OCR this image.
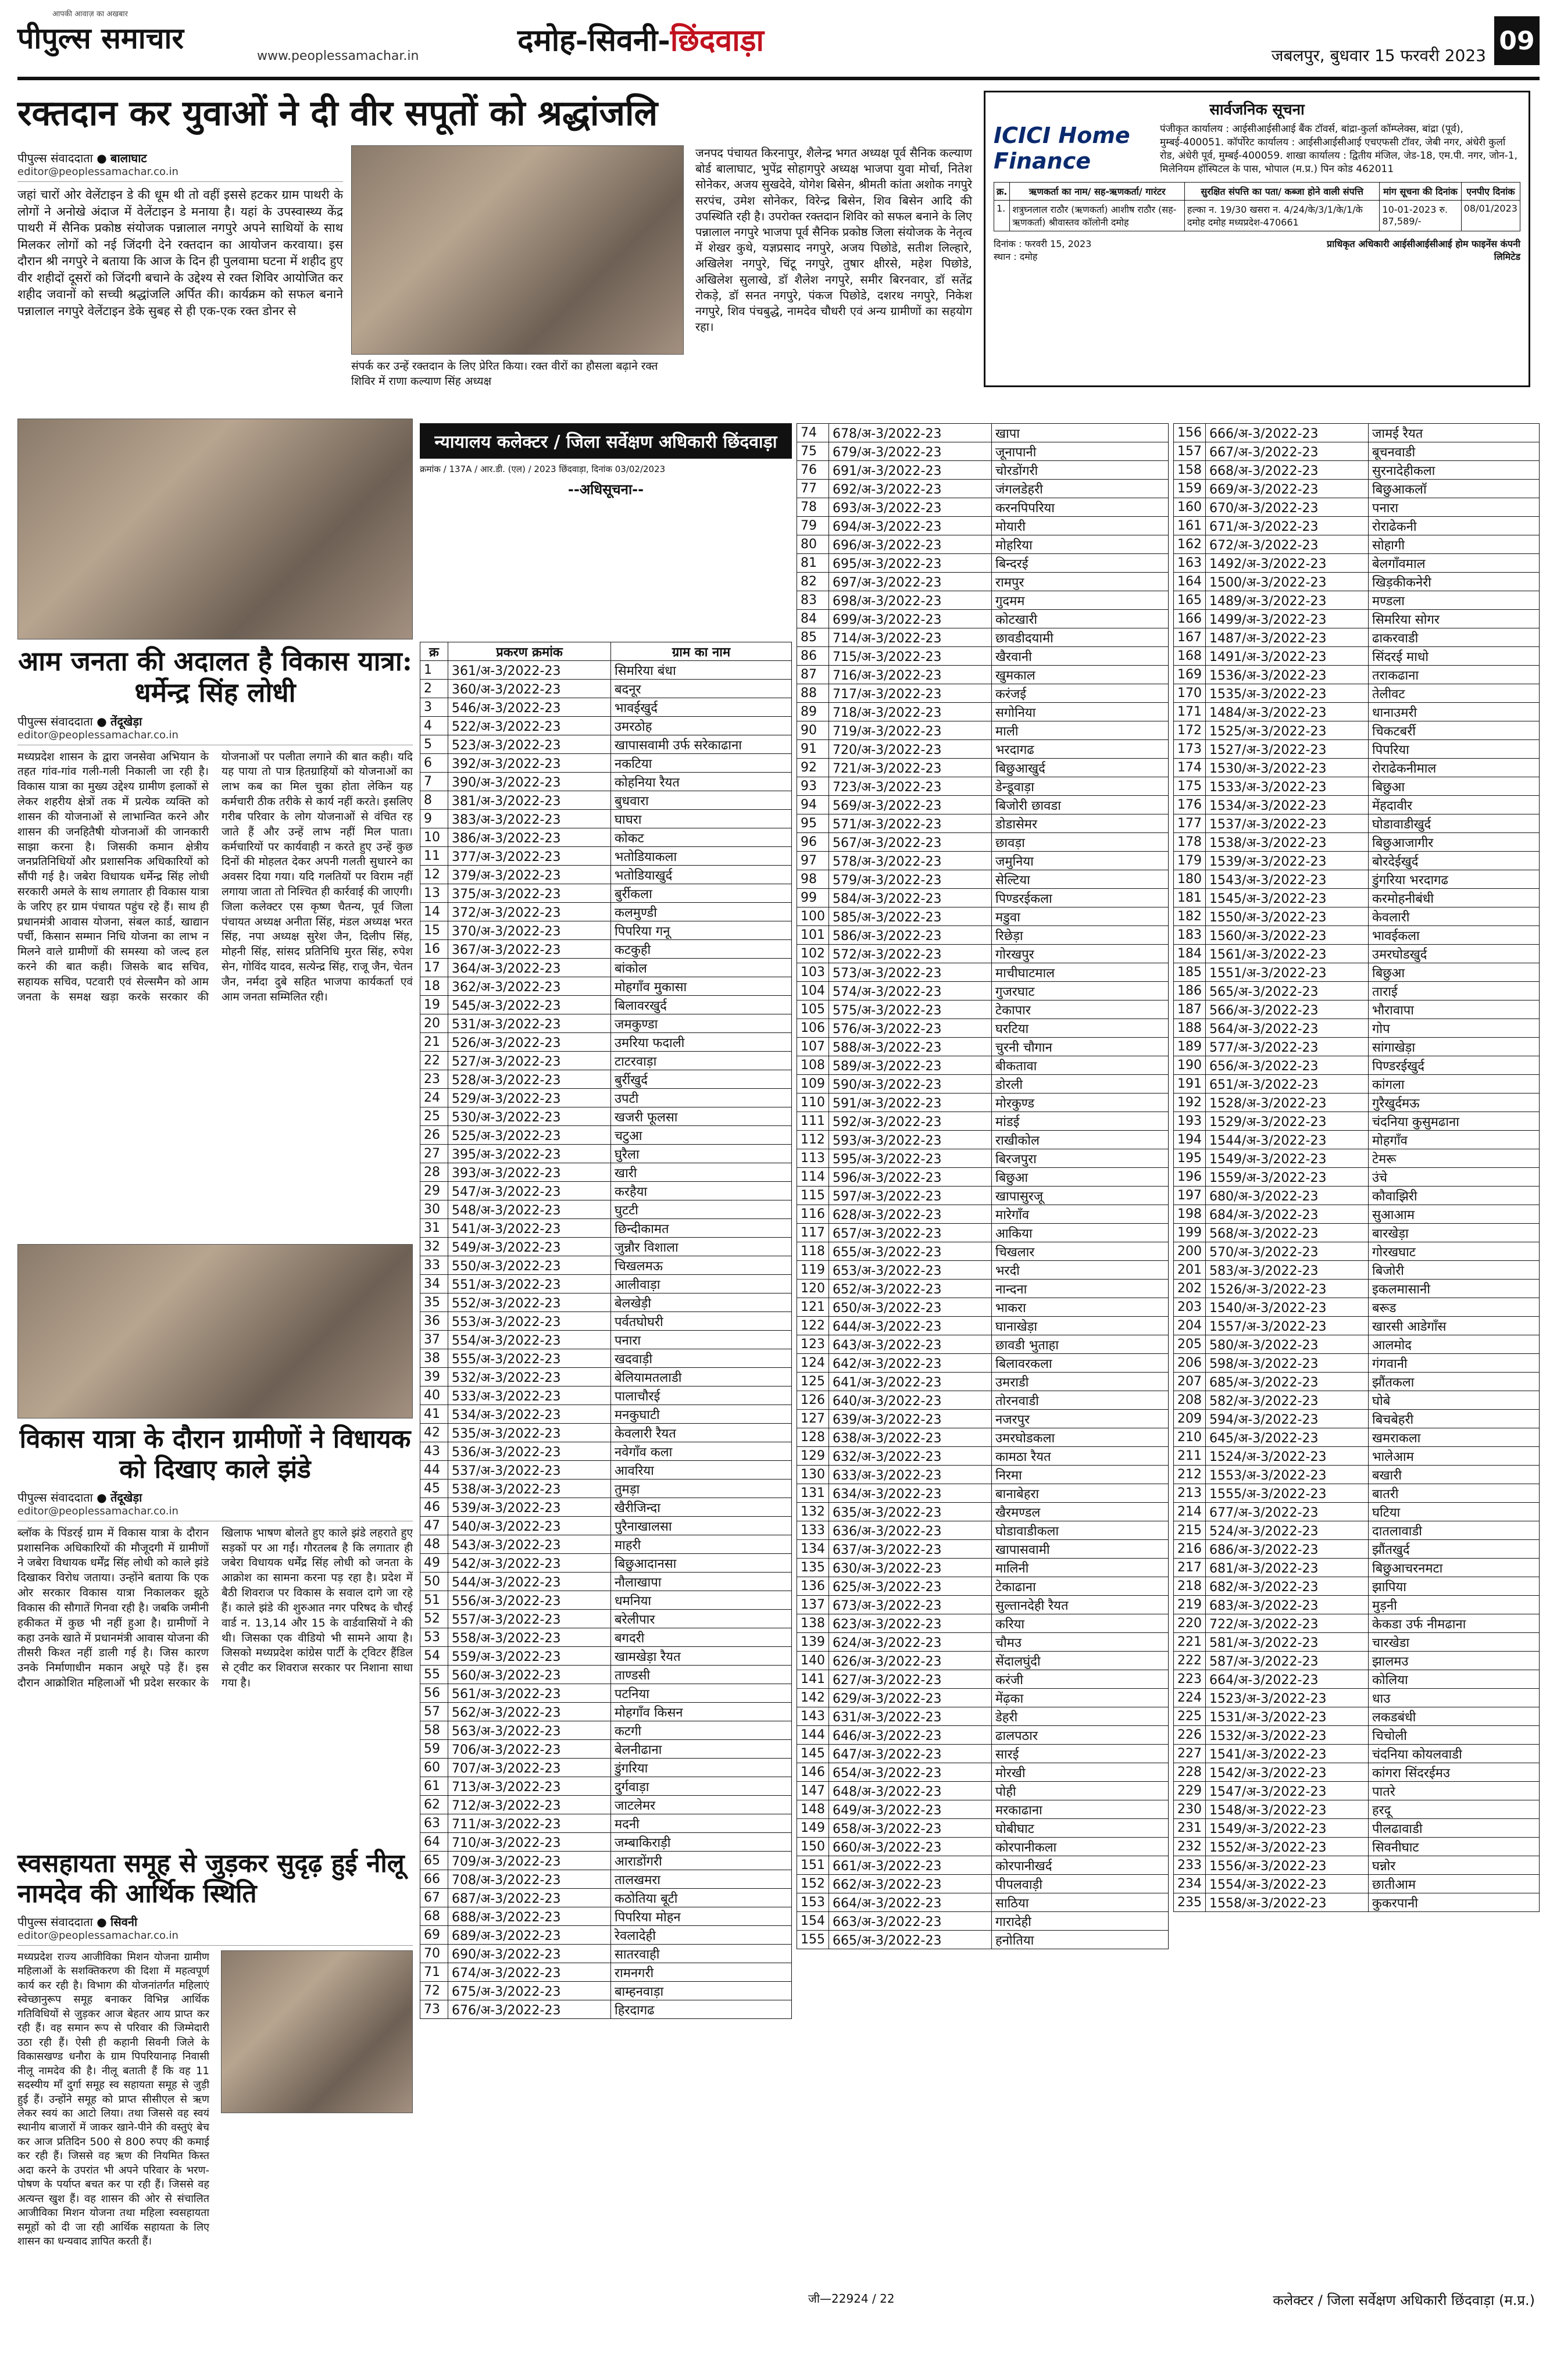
आपकी आवाज़ का अखबार
पीपुल्स समाचार
www.peoplessamachar.in	दमोह-सिवनी-छिंदवाड़ा	जबलपुर, बुधवार 15 फरवरी 2023 09
रक्तदान कर युवाओं ने दी वीर सपूतों को श्रद्धांजलि
पीपुल्स संवाददाता ● बालाघाट
editor@peoplessamachar.co.in
जहां चारों ओर वेलेंटाइन डे की धूम थी तो वहीं इससे हटकर ग्राम पाथरी के लोगों ने अनोखे अंदाज में वेलेंटाइन डे मनाया है। यहां के उपस्वास्थ्य केंद्र पाथरी में सैनिक प्रकोष्ठ संयोजक पन्नालाल नगपुरे अपने साथियों के साथ मिलकर लोगों को नई जिंदगी देने रक्तदान का आयोजन करवाया। इस दौरान श्री नगपुरे ने बताया कि आज के दिन ही पुलवामा घटना में शहीद हुए वीर शहीदों दूसरों को जिंदगी बचाने के उद्देश्य से रक्त शिविर आयोजित कर शहीद जवानों को सच्ची श्रद्धांजलि अर्पित की। कार्यक्रम को सफल बनाने पन्नालाल नगपुरे वेलेंटाइन डेके सुबह से ही एक-एक रक्त डोनर से
संपर्क कर उन्हें रक्तदान के लिए प्रेरित किया। रक्त वीरों का हौसला बढ़ाने रक्त शिविर में राणा कल्याण सिंह अध्यक्ष
जनपद पंचायत किरनापुर, शैलेन्द्र भगत अध्यक्ष पूर्व सैनिक कल्याण बोर्ड बालाघाट, भुपेंद्र सोहागपुरे अध्यक्ष भाजपा युवा मोर्चा, नितेश सोनेकर, अजय सुखदेवे, योगेश बिसेन, श्रीमती कांता अशोक नगपुरे सरपंच, उमेश सोनेकर, विरेन्द्र बिसेन, शिव बिसेन आदि की उपस्थिति रही है। उपरोक्त रक्तदान शिविर को सफल बनाने के लिए पन्नालाल नगपुरे भाजपा पूर्व सैनिक प्रकोष्ठ जिला संयोजक के नेतृत्व में शेखर कुथे, यज्ञप्रसाद नगपुरे, अजय पिछोडे, सतीश लिल्हारे, अखिलेश नगपुरे, चिंटू नगपुरे, तुषार क्षीरसे, महेश पिछोडे, अखिलेश सुलाखे, डॉ शैलेश नगपुरे, समीर बिरनवार, डॉ सतेंद्र रोकड़े, डॉ सनत नगपुरे, पंकज पिछोडे, दशरथ नगपुरे, निकेश नगपुरे, शिव पंचबुद्धे, नामदेव चौधरी एवं अन्य ग्रामीणों का सहयोग रहा।
सार्वजनिक सूचना
ICICI Home Finance
पंजीकृत कार्यालय : आईसीआईसीआई बैंक टॉवर्स, बांद्रा-कुर्ला कॉम्प्लेक्स, बांद्रा (पूर्व), मुम्बई-400051. कॉर्पोरेट कार्यालय : आईसीआईसीआई एचएफसी टॉवर, जेबी नगर, अंधेरी कुर्ला रोड, अंधेरी पूर्व, मुम्बई-400059. शाखा कार्यालय : द्वितीय मंजिल, जेड-18, एम.पी. नगर, जोन-1, मिलेनियम हॉस्पिटल के पास, भोपाल (म.प्र.) पिन कोड 462011
क्र.	ऋणकर्ता का नाम/ सह-ऋणकर्ता/ गारंटर	सुरक्षित संपत्ति का पता/ कब्जा होने वाली संपत्ति	मांग सूचना की दिनांक	एनपीए दिनांक
1.	शत्रुघ्नलाल राठौर (ऋणकर्ता) आशीष राठौर (सह-ऋणकर्ता) श्रीवास्तव कॉलोनी दमोह	हल्का न. 19/30 खसरा न. 4/24/के/3/1/के/1/के दमोह दमोह मध्यप्रदेश-470661	10-01-2023 रु. 87,589/-	08/01/2023
दिनांक : फरवरी 15, 2023
स्थान : दमोह
प्राधिकृत अधिकारी आईसीआईसीआई होम फाइनेंस कंपनी लिमिटेड
आम जनता की अदालत है विकास यात्रा: धर्मेन्द्र सिंह लोधी
पीपुल्स संवाददाता ● तेंदूखेड़ा
editor@peoplessamachar.co.in
मध्यप्रदेश शासन के द्वारा जनसेवा अभियान के तहत गांव-गांव गली-गली निकाली जा रही है। विकास यात्रा का मुख्य उद्देश्य ग्रामीण इलाकों से लेकर शहरीय क्षेत्रों तक में प्रत्येक व्यक्ति को शासन की योजनाओं से लाभान्वित करने और शासन की जनहितैषी योजनाओं की जानकारी साझा करना है। जिसकी कमान क्षेत्रीय जनप्रतिनिधियों और प्रशासनिक अधिकारियों को सौंपी गई है। जबेरा विधायक धर्मेन्द्र सिंह लोधी सरकारी अमले के साथ लगातार ही विकास यात्रा के जरिए हर ग्राम पंचायत पहुंच रहे हैं। साथ ही प्रधानमंत्री आवास योजना, संबल कार्ड, खाद्यान पर्ची, किसान सम्मान निधि योजना का लाभ न मिलने वाले ग्रामीणों की समस्या को जल्द हल करने की बात कही। जिसके बाद सचिव, सहायक सचिव, पटवारी एवं सेल्समैन को आम जनता के समक्ष खड़ा करके सरकार की योजनाओं पर पलीता लगाने की बात कही। यदि यह पाया तो पात्र हितग्राहियों को योजनाओं का लाभ कब का मिल चुका होता लेकिन यह कर्मचारी ठीक तरीके से कार्य नहीं करते। इसलिए गरीब परिवार के लोग योजनाओं से वंचित रह जाते हैं और उन्हें लाभ नहीं मिल पाता। कर्मचारियों पर कार्यवाही न करते हुए उन्हें कुछ दिनों की मोहलत देकर अपनी गलती सुधारने का अवसर दिया गया। यदि गलतियों पर विराम नहीं लगाया जाता तो निश्चित ही कार्रवाई की जाएगी। जिला कलेक्टर एस कृष्ण चैतन्य, पूर्व जिला पंचायत अध्यक्ष अनीता सिंह, मंडल अध्यक्ष भरत सिंह, नपा अध्यक्ष सुरेश जैन, दिलीप सिंह, मोहनी सिंह, सांसद प्रतिनिधि मुरत सिंह, रुपेश सेन, गोविंद यादव, सत्येन्द्र सिंह, राजू जैन, चेतन जैन, नर्मदा दुबे सहित भाजपा कार्यकर्ता एवं आम जनता सम्मिलित रही।
विकास यात्रा के दौरान ग्रामीणों ने विधायक को दिखाए काले झंडे
पीपुल्स संवाददाता ● तेंदूखेड़ा
editor@peoplessamachar.co.in
ब्लॉक के पिंडरई ग्राम में विकास यात्रा के दौरान प्रशासनिक अधिकारियों की मौजूदगी में ग्रामीणों ने जबेरा विधायक धर्मेंद्र सिंह लोधी को काले झंडे दिखाकर विरोध जताया। उन्होंने बताया कि एक ओर सरकार विकास यात्रा निकालकर झूठे विकास की सौगातें गिनवा रही है। जबकि जमीनी हकीकत में कुछ भी नहीं हुआ है। ग्रामीणों ने कहा उनके खाते में प्रधानमंत्री आवास योजना की तीसरी किश्त नहीं डाली गई है। जिस कारण उनके निर्माणाधीन मकान अधूरे पड़े हैं। इस दौरान आक्रोशित महिलाओं भी प्रदेश सरकार के खिलाफ भाषण बोलते हुए काले झंडे लहराते हुए सड़कों पर आ गईं। गौरतलब है कि लगातार ही जबेरा विधायक धर्मेंद्र सिंह लोधी को जनता के आक्रोश का सामना करना पड़ रहा है। प्रदेश में बैठी शिवराज पर विकास के सवाल दागे जा रहे हैं। काले झंडे की शुरुआत नगर परिषद के चौरई वार्ड न. 13,14 और 15 के वार्डवासियों ने की थी। जिसका एक वीडियो भी सामने आया है। जिसको मध्यप्रदेश कांग्रेस पार्टी के ट्विटर हैंडिल से ट्वीट कर शिवराज सरकार पर निशाना साधा गया है।
स्वसहायता समूह से जुड़कर सुदृढ़ हुई नीलू नामदेव की आर्थिक स्थिति
पीपुल्स संवाददाता ● सिवनी
editor@peoplessamachar.co.in
मध्यप्रदेश राज्य आजीविका मिशन योजना ग्रामीण महिलाओं के सशक्तिकरण की दिशा में महत्वपूर्ण कार्य कर रही है। विभाग की योजनांतर्गत महिलाएं स्वेच्छानुरूप समूह बनाकर विभिन्न आर्थिक गतिविधियों से जुड़कर आज बेहतर आय प्राप्त कर रही हैं। वह समान रूप से परिवार की जिम्मेदारी उठा रही हैं। ऐसी ही कहानी सिवनी जिले के विकासखण्ड धनौरा के ग्राम पिपरियानाढ़ निवासी नीलू नामदेव की है। नीलू बताती हैं कि वह 11 सदस्यीय माँ दुर्गा समूह स्व सहायता समूह से जुड़ी हुई हैं। उन्होंने समूह को प्राप्त सीसीएल से ऋण लेकर स्वयं का आटो लिया। तथा जिससे वह स्वयं स्थानीय बाजारों में जाकर खाने-पीने की वस्तुएं बेच कर आज प्रतिदिन 500 से 800 रुपए की कमाई कर रही हैं। जिससे वह ऋण की नियमित किस्त अदा करने के उपरांत भी अपने परिवार के भरण-पोषण के पर्याप्त बचत कर पा रही हैं। जिससे वह अत्यन्त खुश हैं। वह शासन की ओर से संचालित आजीविका मिशन योजना तथा महिला स्वसहायता समूहों को दी जा रही आर्थिक सहायता के लिए शासन का धन्यवाद ज्ञापित करती हैं।
न्यायालय कलेक्टर / जिला सर्वेक्षण अधिकारी छिंदवाड़ा
क्रमांक / 137A / आर.डी. (एल) / 2023 छिंदवाड़ा, दिनांक 03/02/2023
--अधिसूचना--
क्र	प्रकरण क्रमांक	ग्राम का नाम
1	361/अ-3/2022-23	सिमरिया बंधा
2	360/अ-3/2022-23	बदनूर
3	546/अ-3/2022-23	भावईखुर्द
4	522/अ-3/2022-23	उमरठोह
5	523/अ-3/2022-23	खापासवामी उर्फ सरेकाढाना
6	392/अ-3/2022-23	नकटिया
7	390/अ-3/2022-23	कोहनिया रैयत
8	381/अ-3/2022-23	बुधवारा
9	383/अ-3/2022-23	घाघरा
10	386/अ-3/2022-23	कोकट
11	377/अ-3/2022-23	भतोडियाकला
12	379/अ-3/2022-23	भतोडियाखुर्द
13	375/अ-3/2022-23	बुर्रीकला
14	372/अ-3/2022-23	कलमुण्डी
15	370/अ-3/2022-23	पिपरिया गनू
16	367/अ-3/2022-23	कटकुही
17	364/अ-3/2022-23	बांकोल
18	362/अ-3/2022-23	मोहगाँव मुकासा
19	545/अ-3/2022-23	बिलावरखुर्द
20	531/अ-3/2022-23	जमकुण्डा
21	526/अ-3/2022-23	उमरिया फदाली
22	527/अ-3/2022-23	टाटरवाड़ा
23	528/अ-3/2022-23	बुर्रीखुर्द
24	529/अ-3/2022-23	उपटी
25	530/अ-3/2022-23	खजरी फूलसा
26	525/अ-3/2022-23	चटुआ
27	395/अ-3/2022-23	घुरैला
28	393/अ-3/2022-23	खारी
29	547/अ-3/2022-23	करहैया
30	548/अ-3/2022-23	घुटटी
31	541/अ-3/2022-23	छिन्दीकामत
32	549/अ-3/2022-23	जुन्नौर विशाला
33	550/अ-3/2022-23	चिखलमऊ
34	551/अ-3/2022-23	आलीवाड़ा
35	552/अ-3/2022-23	बेलखेड़ी
36	553/अ-3/2022-23	पर्वतघोघरी
37	554/अ-3/2022-23	पनारा
38	555/अ-3/2022-23	खदवाड़ी
39	532/अ-3/2022-23	बेलियामतलाडी
40	533/अ-3/2022-23	पालाचौरई
41	534/अ-3/2022-23	मनकुघाटी
42	535/अ-3/2022-23	केवलारी रैयत
43	536/अ-3/2022-23	नवेगाँव कला
44	537/अ-3/2022-23	आवरिया
45	538/अ-3/2022-23	तुमड़ा
46	539/अ-3/2022-23	खैरीजिन्दा
47	540/अ-3/2022-23	पुरैनाखालसा
48	543/अ-3/2022-23	माहरी
49	542/अ-3/2022-23	बिछुआदानसा
50	544/अ-3/2022-23	नौलाखापा
51	556/अ-3/2022-23	धमनिया
52	557/अ-3/2022-23	बरेलीपार
53	558/अ-3/2022-23	बगदरी
54	559/अ-3/2022-23	खामखेड़ा रैयत
55	560/अ-3/2022-23	ताण्डसी
56	561/अ-3/2022-23	पटनिया
57	562/अ-3/2022-23	मोहगाँव किसन
58	563/अ-3/2022-23	कटगी
59	706/अ-3/2022-23	बेलनीढाना
60	707/अ-3/2022-23	डुंगरिया
61	713/अ-3/2022-23	दुर्गवाड़ा
62	712/अ-3/2022-23	जाटलेमर
63	711/अ-3/2022-23	मदनी
64	710/अ-3/2022-23	जम्बाकिराड़ी
65	709/अ-3/2022-23	आराडोंगरी
66	708/अ-3/2022-23	तालखमरा
67	687/अ-3/2022-23	कठोतिया बूटी
68	688/अ-3/2022-23	पिपरिया मोहन
69	689/अ-3/2022-23	रेवलादेही
70	690/अ-3/2022-23	सातरवाही
71	674/अ-3/2022-23	रामनगरी
72	675/अ-3/2022-23	बाम्हनवाड़ा
73	676/अ-3/2022-23	हिरदागढ
74	678/अ-3/2022-23	खापा
75	679/अ-3/2022-23	जूनापानी
76	691/अ-3/2022-23	चोरडोंगरी
77	692/अ-3/2022-23	जंगलडेहरी
78	693/अ-3/2022-23	करनपिपरिया
79	694/अ-3/2022-23	मोयारी
80	696/अ-3/2022-23	मोहरिया
81	695/अ-3/2022-23	बिन्दरई
82	697/अ-3/2022-23	रामपुर
83	698/अ-3/2022-23	गुदमम
84	699/अ-3/2022-23	कोटखारी
85	714/अ-3/2022-23	छावडीदयामी
86	715/अ-3/2022-23	खैरवानी
87	716/अ-3/2022-23	खुमकाल
88	717/अ-3/2022-23	करंजई
89	718/अ-3/2022-23	सगोनिया
90	719/अ-3/2022-23	माली
91	720/अ-3/2022-23	भरदागढ
92	721/अ-3/2022-23	बिछुआखुर्द
93	723/अ-3/2022-23	डेन्डूवाड़ा
94	569/अ-3/2022-23	बिजोरी छावडा
95	571/अ-3/2022-23	डोडासेमर
96	567/अ-3/2022-23	छावड़ा
97	578/अ-3/2022-23	जमुनिया
98	579/अ-3/2022-23	सेल्टिया
99	584/अ-3/2022-23	पिण्डरईकला
100	585/अ-3/2022-23	मडुवा
101	586/अ-3/2022-23	रिछेड़ा
102	572/अ-3/2022-23	गोरखपुर
103	573/अ-3/2022-23	माचीघाटमाल
104	574/अ-3/2022-23	गुजरघाट
105	575/अ-3/2022-23	टेकापार
106	576/अ-3/2022-23	घरटिया
107	588/अ-3/2022-23	चुरनी चौगान
108	589/अ-3/2022-23	बीकतावा
109	590/अ-3/2022-23	डोरली
110	591/अ-3/2022-23	मोरकुण्ड
111	592/अ-3/2022-23	मांडई
112	593/अ-3/2022-23	राखीकोल
113	595/अ-3/2022-23	बिरजपुरा
114	596/अ-3/2022-23	बिछुआ
115	597/अ-3/2022-23	खापासुरजू
116	628/अ-3/2022-23	मारेगाँव
117	657/अ-3/2022-23	आकिया
118	655/अ-3/2022-23	चिखलार
119	653/अ-3/2022-23	भरदी
120	652/अ-3/2022-23	नान्दना
121	650/अ-3/2022-23	भाकरा
122	644/अ-3/2022-23	घानाखेड़ा
123	643/अ-3/2022-23	छावडी भुताहा
124	642/अ-3/2022-23	बिलावरकला
125	641/अ-3/2022-23	उमराडी
126	640/अ-3/2022-23	तोरनवाडी
127	639/अ-3/2022-23	नजरपुर
128	638/अ-3/2022-23	उमरघोडकला
129	632/अ-3/2022-23	कामठा रैयत
130	633/अ-3/2022-23	निरमा
131	634/अ-3/2022-23	बानाबेहरा
132	635/अ-3/2022-23	खैरमण्डल
133	636/अ-3/2022-23	घोडावाडीकला
134	637/अ-3/2022-23	खापासवामी
135	630/अ-3/2022-23	मालिनी
136	625/अ-3/2022-23	टेकाढाना
137	673/अ-3/2022-23	सुल्तानदेही रैयत
138	623/अ-3/2022-23	करिया
139	624/अ-3/2022-23	चौमउ
140	626/अ-3/2022-23	सेंदालघुंदी
141	627/अ-3/2022-23	करंजी
142	629/अ-3/2022-23	मेंढ़का
143	631/अ-3/2022-23	डेहरी
144	646/अ-3/2022-23	ढालपठार
145	647/अ-3/2022-23	सारई
146	654/अ-3/2022-23	मोरखी
147	648/अ-3/2022-23	पोही
148	649/अ-3/2022-23	मरकाढाना
149	658/अ-3/2022-23	घोबीघाट
150	660/अ-3/2022-23	कोरपानीकला
151	661/अ-3/2022-23	कोरपानीखर्द
152	662/अ-3/2022-23	पीपलवाड़ी
153	664/अ-3/2022-23	साठिया
154	663/अ-3/2022-23	गारादेही
155	665/अ-3/2022-23	हनोतिया
156	666/अ-3/2022-23	जामई रैयत
157	667/अ-3/2022-23	बूचनवाडी
158	668/अ-3/2022-23	सुरनादेहीकला
159	669/अ-3/2022-23	बिछुआकलॉ
160	670/अ-3/2022-23	पनारा
161	671/अ-3/2022-23	रोराढेकनी
162	672/अ-3/2022-23	सोहागी
163	1492/अ-3/2022-23	बेलगाँवमाल
164	1500/अ-3/2022-23	खिड़कीकनेरी
165	1489/अ-3/2022-23	मण्डला
166	1499/अ-3/2022-23	सिमरिया सोगर
167	1487/अ-3/2022-23	ढाकरवाडी
168	1491/अ-3/2022-23	सिंदरई माधो
169	1536/अ-3/2022-23	तराकढाना
170	1535/अ-3/2022-23	तेलीवट
171	1484/अ-3/2022-23	धानाउमरी
172	1525/अ-3/2022-23	चिकटबर्री
173	1527/अ-3/2022-23	पिपरिया
174	1530/अ-3/2022-23	रोराढेकनीमाल
175	1533/अ-3/2022-23	बिछुआ
176	1534/अ-3/2022-23	मेंहदावीर
177	1537/अ-3/2022-23	घोडावाडीखुर्द
178	1538/अ-3/2022-23	बिछुआजागीर
179	1539/अ-3/2022-23	बोरदेईखुर्द
180	1543/अ-3/2022-23	डुंगरिया भरदागढ
181	1545/अ-3/2022-23	करमोहनीबंधी
182	1550/अ-3/2022-23	केवलारी
183	1560/अ-3/2022-23	भावईकला
184	1561/अ-3/2022-23	उमरघोडखुर्द
185	1551/अ-3/2022-23	बिछुआ
186	565/अ-3/2022-23	ताराई
187	566/अ-3/2022-23	भौरावापा
188	564/अ-3/2022-23	गोप
189	577/अ-3/2022-23	सांगाखेड़ा
190	656/अ-3/2022-23	पिण्डरईखुर्द
191	651/अ-3/2022-23	कांगला
192	1528/अ-3/2022-23	गुरैखुर्दमऊ
193	1529/अ-3/2022-23	चंदनिया कुसुमढाना
194	1544/अ-3/2022-23	मोहगाँव
195	1549/अ-3/2022-23	टेमरू
196	1559/अ-3/2022-23	उंचे
197	680/अ-3/2022-23	कौवाझिरी
198	684/अ-3/2022-23	सुआआम
199	568/अ-3/2022-23	बारखेड़ा
200	570/अ-3/2022-23	गोरखघाट
201	583/अ-3/2022-23	बिजोरी
202	1526/अ-3/2022-23	इकलमासानी
203	1540/अ-3/2022-23	बरूड
204	1557/अ-3/2022-23	खारसी आडेगाँस
205	580/अ-3/2022-23	आलमोद
206	598/अ-3/2022-23	गंगवानी
207	685/अ-3/2022-23	झौंतकला
208	582/अ-3/2022-23	घोबे
209	594/अ-3/2022-23	बिचबेहरी
210	645/अ-3/2022-23	खमराकला
211	1524/अ-3/2022-23	भालेआम
212	1553/अ-3/2022-23	बखारी
213	1555/अ-3/2022-23	बातरी
214	677/अ-3/2022-23	घटिया
215	524/अ-3/2022-23	दातलावाडी
216	686/अ-3/2022-23	झौंतखुर्द
217	681/अ-3/2022-23	बिछुआचरनमटा
218	682/अ-3/2022-23	झापिया
219	683/अ-3/2022-23	मुड़नी
220	722/अ-3/2022-23	केकडा उर्फ नीमढाना
221	581/अ-3/2022-23	चारखेडा
222	587/अ-3/2022-23	झालमउ
223	664/अ-3/2022-23	कोलिया
224	1523/अ-3/2022-23	धाउ
225	1531/अ-3/2022-23	लकडबंधी
226	1532/अ-3/2022-23	चिचोली
227	1541/अ-3/2022-23	चंदनिया कोयलवाडी
228	1542/अ-3/2022-23	कांगरा सिंदरईमउ
229	1547/अ-3/2022-23	पातरे
230	1548/अ-3/2022-23	हरदू
231	1549/अ-3/2022-23	पीलढावाडी
232	1552/अ-3/2022-23	सिवनीघाट
233	1556/अ-3/2022-23	घन्नोर
234	1554/अ-3/2022-23	छातीआम
235	1558/अ-3/2022-23	कुकरपानी
जी—22924 / 22	कलेक्टर / जिला सर्वेक्षण अधिकारी छिंदवाड़ा (म.प्र.)
